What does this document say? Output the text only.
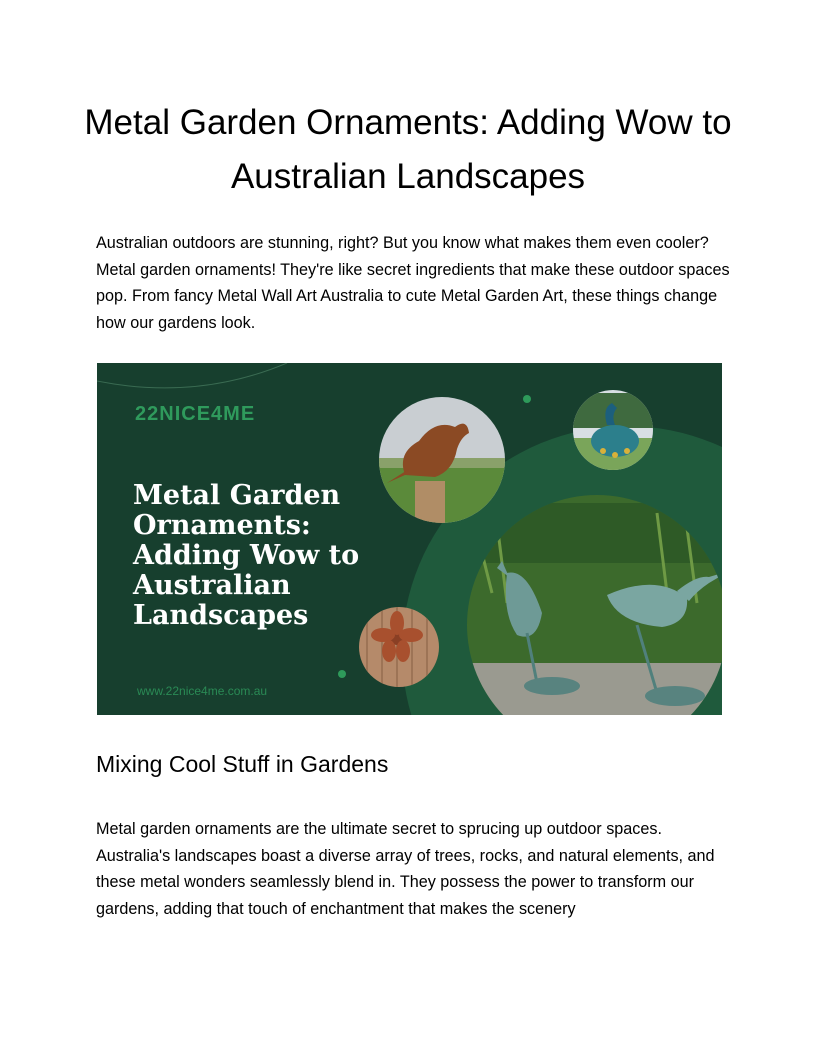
Metal Garden Ornaments: Adding Wow to Australian Landscapes

Australian outdoors are stunning, right? But you know what makes them even cooler? Metal garden ornaments! They're like secret ingredients that make these outdoor spaces pop. From fancy Metal Wall Art Australia to cute Metal Garden Art, these things change how our gardens look.

22NICE4ME
Metal Garden Ornaments: Adding Wow to Australian Landscapes
www.22nice4me.com.au
Mixing Cool Stuff in Gardens

Metal garden ornaments are the ultimate secret to sprucing up outdoor spaces. Australia's landscapes boast a diverse array of trees, rocks, and natural elements, and these metal wonders seamlessly blend in. They possess the power to transform our gardens, adding that touch of enchantment that makes the scenery
